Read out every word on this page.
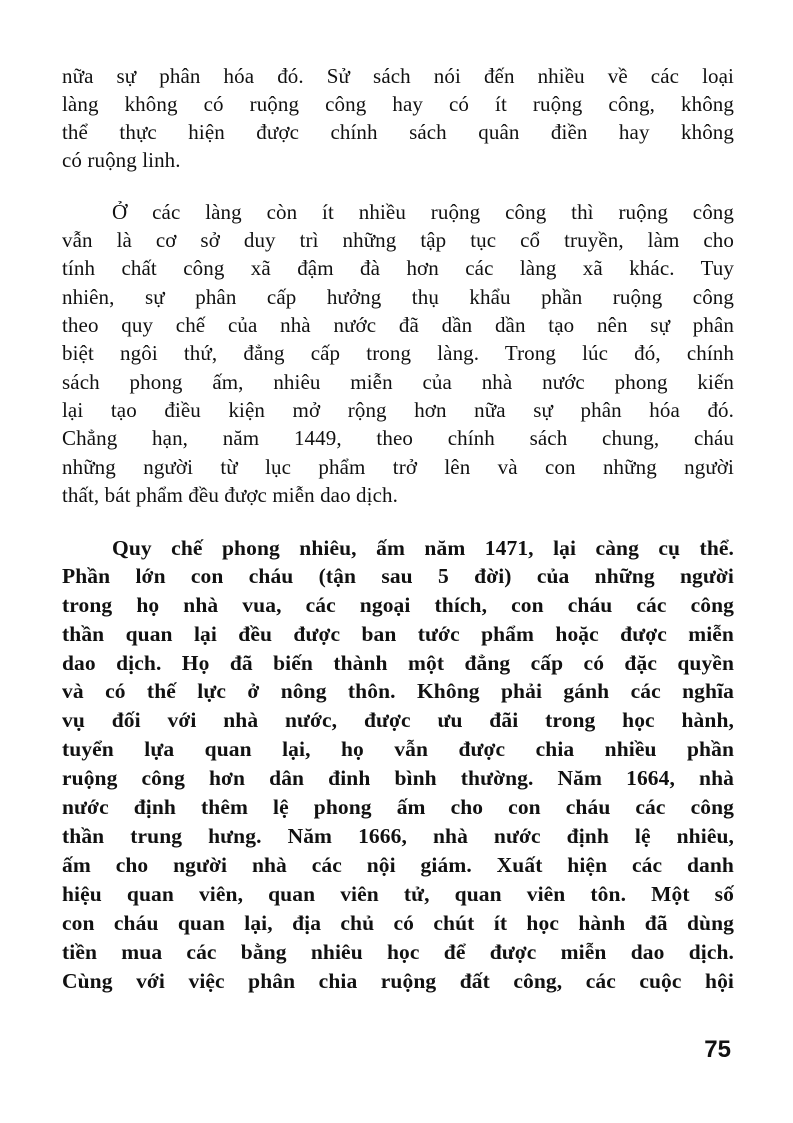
nữa sự phân hóa đó. Sử sách nói đến nhiều về các loại
làng không có ruộng công hay có ít ruộng công, không
thể thực hiện được chính sách quân điền hay không
có ruộng linh.
Ở các làng còn ít nhiều ruộng công thì ruộng công
vẫn là cơ sở duy trì những tập tục cổ truyền, làm cho
tính chất công xã đậm đà hơn các làng xã khác. Tuy
nhiên, sự phân cấp hưởng thụ khẩu phần ruộng công
theo quy chế của nhà nước đã dần dần tạo nên sự phân
biệt ngôi thứ, đẳng cấp trong làng. Trong lúc đó, chính
sách phong ấm, nhiêu miễn của nhà nước phong kiến
lại tạo điều kiện mở rộng hơn nữa sự phân hóa đó.
Chẳng hạn, năm 1449, theo chính sách chung, cháu
những người từ lục phẩm trở lên và con những người
thất, bát phẩm đều được miễn dao dịch.
Quy chế phong nhiêu, ấm năm 1471, lại càng cụ thể.
Phần lớn con cháu (tận sau 5 đời) của những người
trong họ nhà vua, các ngoại thích, con cháu các công
thần quan lại đều được ban tước phẩm hoặc được miễn
dao dịch. Họ đã biến thành một đẳng cấp có đặc quyền
và có thế lực ở nông thôn. Không phải gánh các nghĩa
vụ đối với nhà nước, được ưu đãi trong học hành,
tuyển lựa quan lại, họ vẫn được chia nhiều phần
ruộng công hơn dân đinh bình thường. Năm 1664, nhà
nước định thêm lệ phong ấm cho con cháu các công
thần trung hưng. Năm 1666, nhà nước định lệ nhiêu,
ấm cho người nhà các nội giám. Xuất hiện các danh
hiệu quan viên, quan viên tử, quan viên tôn. Một số
con cháu quan lại, địa chủ có chút ít học hành đã dùng
tiền mua các bằng nhiêu học để được miễn dao dịch.
Cùng với việc phân chia ruộng đất công, các cuộc hội
75
